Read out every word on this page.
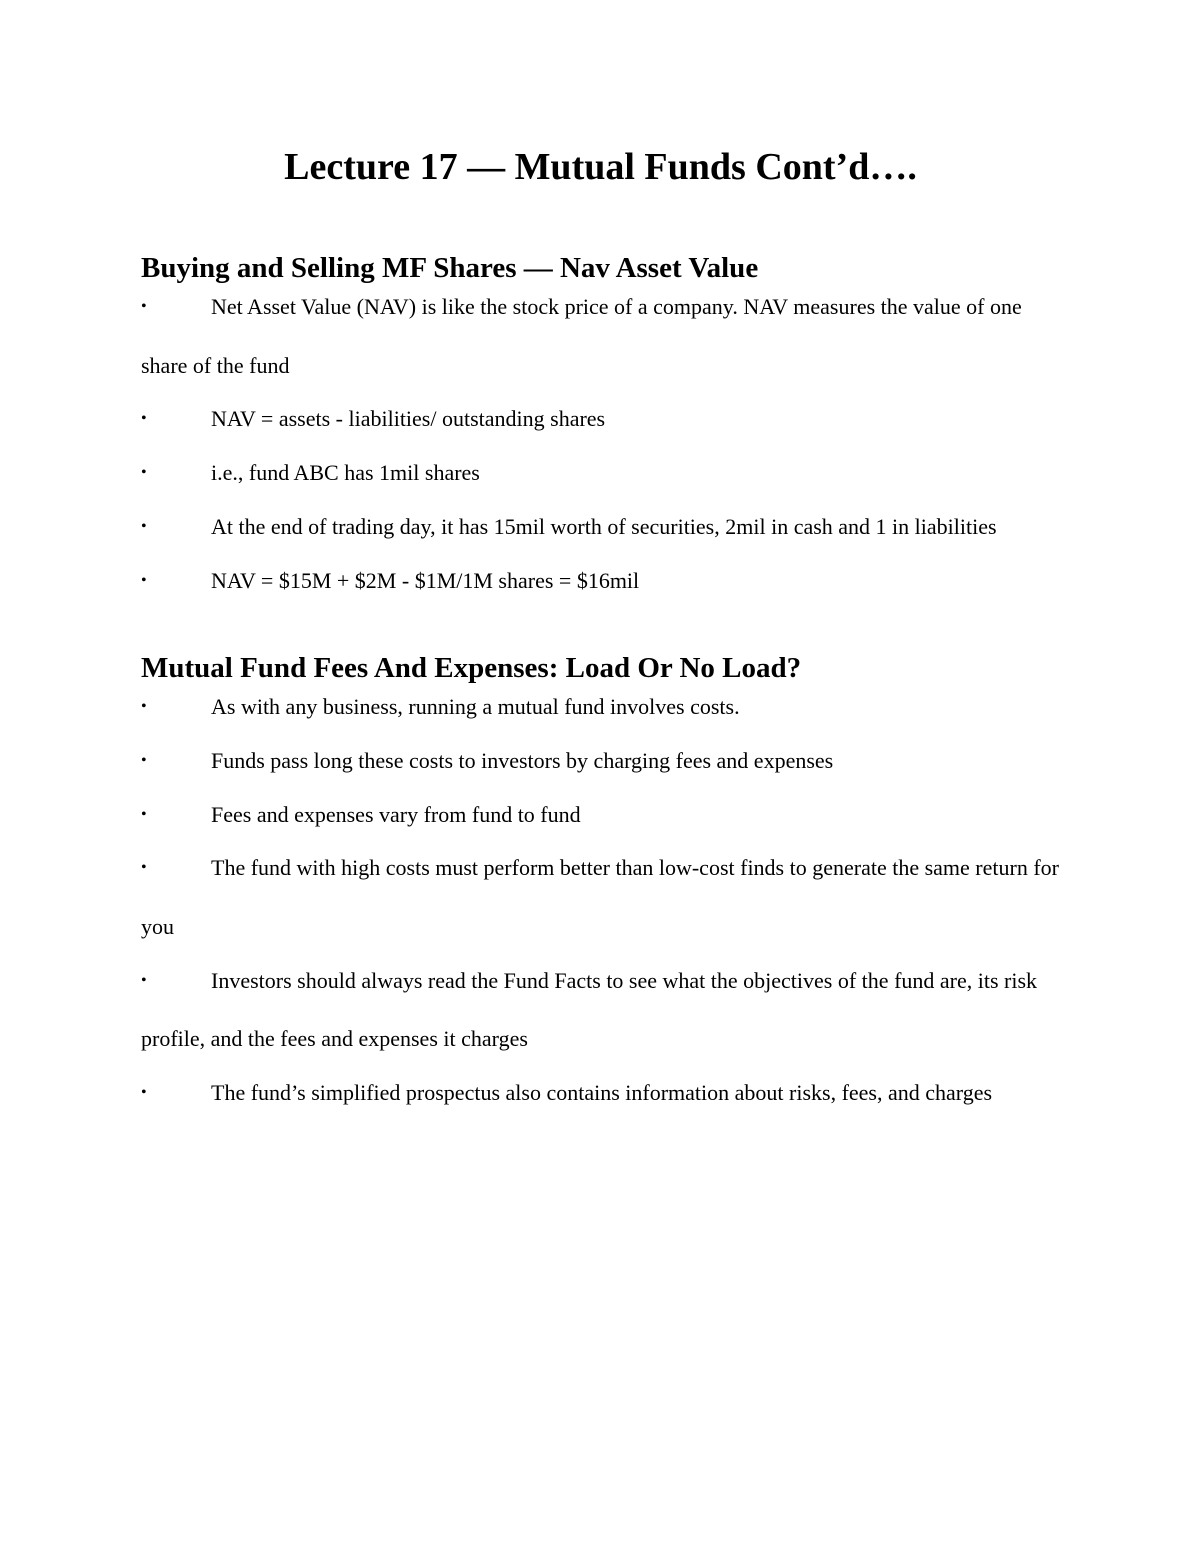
Lecture 17 — Mutual Funds Cont’d….
Buying and Selling MF Shares — Nav Asset Value
•	Net Asset Value (NAV) is like the stock price of a company. NAV measures the value of one share of the fund
•	NAV = assets - liabilities/ outstanding shares
•	i.e., fund ABC has 1mil shares
•	At the end of trading day, it has 15mil worth of securities, 2mil in cash and 1 in liabilities
•	NAV = $15M + $2M - $1M/1M shares = $16mil
Mutual Fund Fees And Expenses: Load Or No Load?
•	As with any business, running a mutual fund involves costs.
•	Funds pass long these costs to investors by charging fees and expenses
•	Fees and expenses vary from fund to fund
•	The fund with high costs must perform better than low-cost finds to generate the same return for you
•	Investors should always read the Fund Facts to see what the objectives of the fund are, its risk profile, and the fees and expenses it charges
•	The fund’s simplified prospectus also contains information about risks, fees, and charges
